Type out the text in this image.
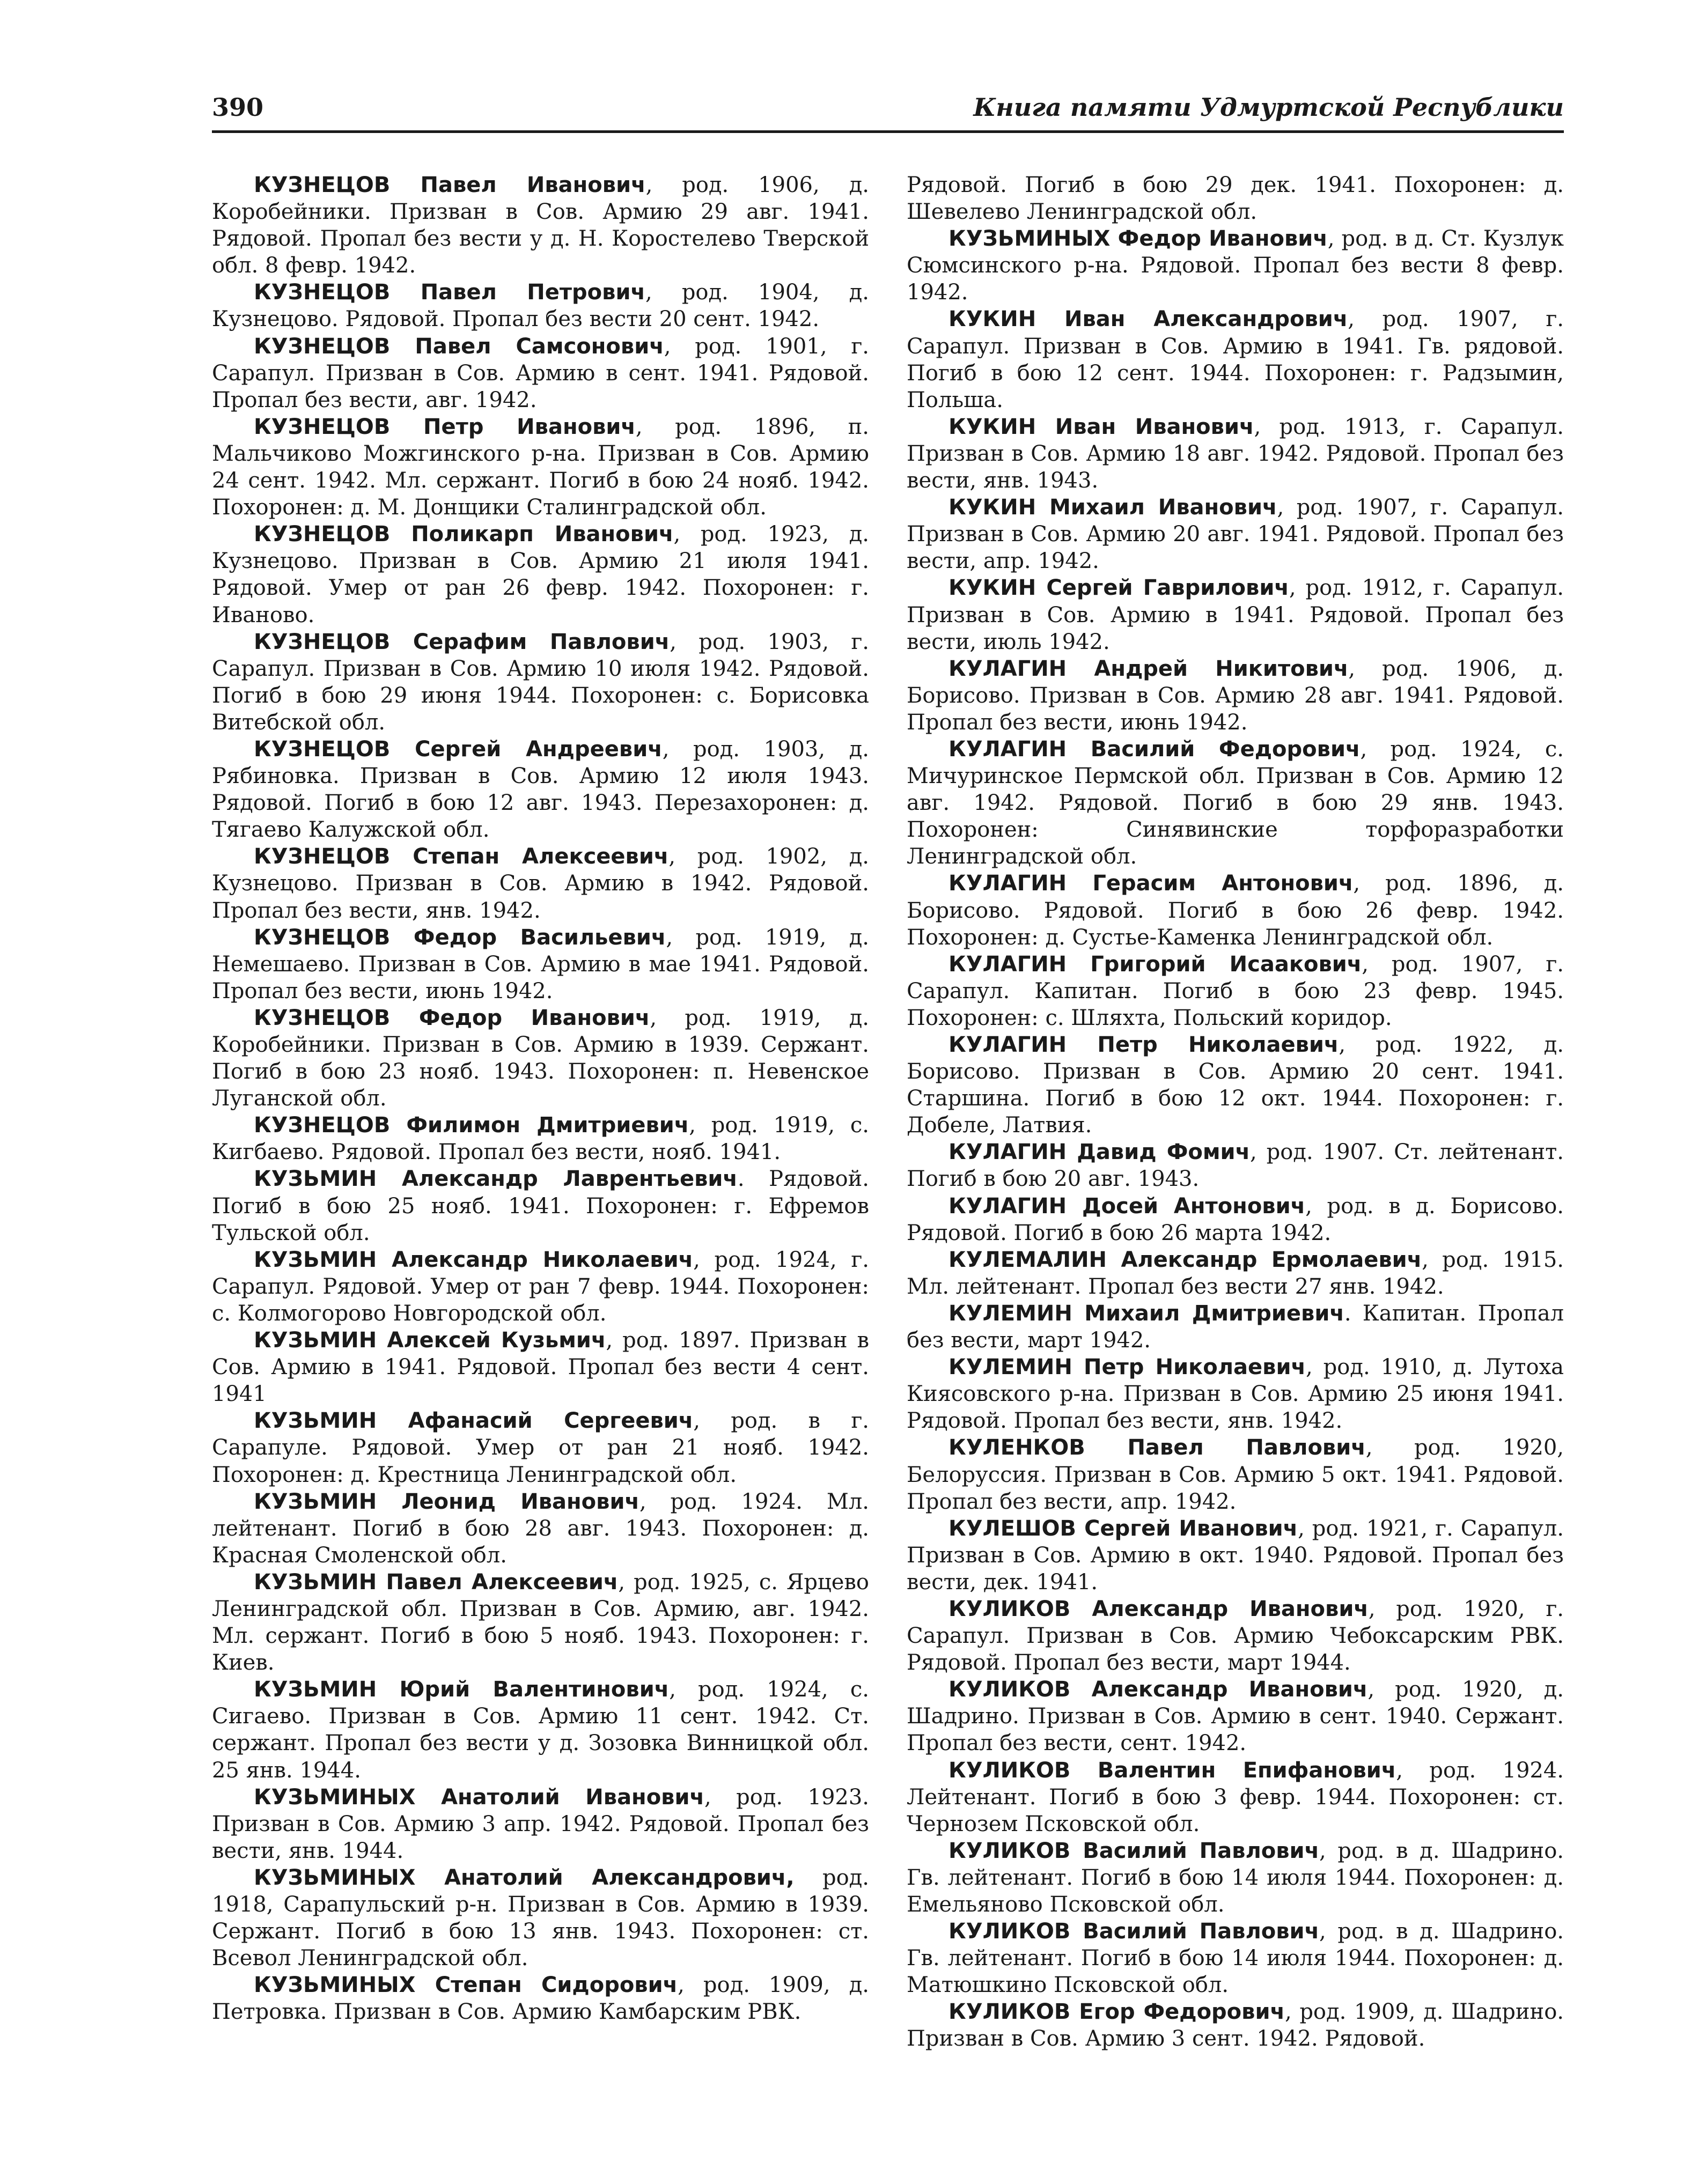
390	Книга памяти Удмуртской Республики

КУЗНЕЦОВ Павел Иванович, род. 1906, д. Коробейники. Призван в Сов. Армию 29 авг. 1941. Рядовой. Пропал без вести у д. Н. Коростелево Тверской обл. 8 февр. 1942.

КУЗНЕЦОВ Павел Петрович, род. 1904, д. Кузнецово. Рядовой. Пропал без вести 20 сент. 1942.

КУЗНЕЦОВ Павел Самсонович, род. 1901, г. Сарапул. Призван в Сов. Армию в сент. 1941. Рядовой. Пропал без вести, авг. 1942.

КУЗНЕЦОВ Петр Иванович, род. 1896, п. Мальчиково Можгинского р-на. Призван в Сов. Армию 24 сент. 1942. Мл. сержант. Погиб в бою 24 нояб. 1942. Похоронен: д. М. Донщики Сталинградской обл.

КУЗНЕЦОВ Поликарп Иванович, род. 1923, д. Кузнецово. Призван в Сов. Армию 21 июля 1941. Рядовой. Умер от ран 26 февр. 1942. Похоронен: г. Иваново.

КУЗНЕЦОВ Серафим Павлович, род. 1903, г. Сарапул. Призван в Сов. Армию 10 июля 1942. Рядовой. Погиб в бою 29 июня 1944. Похоронен: с. Борисовка Витебской обл.

КУЗНЕЦОВ Сергей Андреевич, род. 1903, д. Рябиновка. Призван в Сов. Армию 12 июля 1943. Рядовой. Погиб в бою 12 авг. 1943. Перезахоронен: д. Тягаево Калужской обл.

КУЗНЕЦОВ Степан Алексеевич, род. 1902, д. Кузнецово. Призван в Сов. Армию в 1942. Рядовой. Пропал без вести, янв. 1942.

КУЗНЕЦОВ Федор Васильевич, род. 1919, д. Немешаево. Призван в Сов. Армию в мае 1941. Рядовой. Пропал без вести, июнь 1942.

КУЗНЕЦОВ Федор Иванович, род. 1919, д. Коробейники. Призван в Сов. Армию в 1939. Сержант. Погиб в бою 23 нояб. 1943. Похоронен: п. Невенское Луганской обл.

КУЗНЕЦОВ Филимон Дмитриевич, род. 1919, с. Кигбаево. Рядовой. Пропал без вести, нояб. 1941.

КУЗЬМИН Александр Лаврентьевич. Рядовой. Погиб в бою 25 нояб. 1941. Похоронен: г. Ефремов Тульской обл.

КУЗЬМИН Александр Николаевич, род. 1924, г. Сарапул. Рядовой. Умер от ран 7 февр. 1944. Похоронен: с. Колмогорово Новгородской обл.

КУЗЬМИН Алексей Кузьмич, род. 1897. Призван в Сов. Армию в 1941. Рядовой. Пропал без вести 4 сент. 1941

КУЗЬМИН Афанасий Сергеевич, род. в г. Сарапуле. Рядовой. Умер от ран 21 нояб. 1942. Похоронен: д. Крестница Ленинградской обл.

КУЗЬМИН Леонид Иванович, род. 1924. Мл. лейтенант. Погиб в бою 28 авг. 1943. Похоронен: д. Красная Смоленской обл.

КУЗЬМИН Павел Алексеевич, род. 1925, с. Ярцево Ленинградской обл. Призван в Сов. Армию, авг. 1942. Мл. сержант. Погиб в бою 5 нояб. 1943. Похоронен: г. Киев.

КУЗЬМИН Юрий Валентинович, род. 1924, с. Сигаево. Призван в Сов. Армию 11 сент. 1942. Ст. сержант. Пропал без вести у д. Зозовка Винницкой обл. 25 янв. 1944.

КУЗЬМИНЫХ Анатолий Иванович, род. 1923. Призван в Сов. Армию 3 апр. 1942. Рядовой. Пропал без вести, янв. 1944.

КУЗЬМИНЫХ Анатолий Александрович, род. 1918, Сарапульский р-н. Призван в Сов. Армию в 1939. Сержант. Погиб в бою 13 янв. 1943. Похоронен: ст. Всевол Ленинградской обл.

КУЗЬМИНЫХ Степан Сидорович, род. 1909, д. Петровка. Призван в Сов. Армию Камбарским РВК.

Рядовой. Погиб в бою 29 дек. 1941. Похоронен: д. Шевелево Ленинградской обл.

КУЗЬМИНЫХ Федор Иванович, род. в д. Ст. Кузлук Сюмсинского р-на. Рядовой. Пропал без вести 8 февр. 1942.

КУКИН Иван Александрович, род. 1907, г. Сарапул. Призван в Сов. Армию в 1941. Гв. рядовой. Погиб в бою 12 сент. 1944. Похоронен: г. Радзымин, Польша.

КУКИН Иван Иванович, род. 1913, г. Сарапул. Призван в Сов. Армию 18 авг. 1942. Рядовой. Пропал без вести, янв. 1943.

КУКИН Михаил Иванович, род. 1907, г. Сарапул. Призван в Сов. Армию 20 авг. 1941. Рядовой. Пропал без вести, апр. 1942.

КУКИН Сергей Гаврилович, род. 1912, г. Сарапул. Призван в Сов. Армию в 1941. Рядовой. Пропал без вести, июль 1942.

КУЛАГИН Андрей Никитович, род. 1906, д. Борисово. Призван в Сов. Армию 28 авг. 1941. Рядовой. Пропал без вести, июнь 1942.

КУЛАГИН Василий Федорович, род. 1924, с. Мичуринское Пермской обл. Призван в Сов. Армию 12 авг. 1942. Рядовой. Погиб в бою 29 янв. 1943. Похоронен: Синявинские торфоразработки Ленинградской обл.

КУЛАГИН Герасим Антонович, род. 1896, д. Борисово. Рядовой. Погиб в бою 26 февр. 1942. Похоронен: д. Сустье-Каменка Ленинградской обл.

КУЛАГИН Григорий Исаакович, род. 1907, г. Сарапул. Капитан. Погиб в бою 23 февр. 1945. Похоронен: с. Шляхта, Польский коридор.

КУЛАГИН Петр Николаевич, род. 1922, д. Борисово. Призван в Сов. Армию 20 сент. 1941. Старшина. Погиб в бою 12 окт. 1944. Похоронен: г. Добеле, Латвия.

КУЛАГИН Давид Фомич, род. 1907. Ст. лейтенант. Погиб в бою 20 авг. 1943.

КУЛАГИН Досей Антонович, род. в д. Борисово. Рядовой. Погиб в бою 26 марта 1942.

КУЛЕМАЛИН Александр Ермолаевич, род. 1915. Мл. лейтенант. Пропал без вести 27 янв. 1942.

КУЛЕМИН Михаил Дмитриевич. Капитан. Пропал без вести, март 1942.

КУЛЕМИН Петр Николаевич, род. 1910, д. Лутоха Киясовского р-на. Призван в Сов. Армию 25 июня 1941. Рядовой. Пропал без вести, янв. 1942.

КУЛЕНКОВ Павел Павлович, род. 1920, Белоруссия. Призван в Сов. Армию 5 окт. 1941. Рядовой. Пропал без вести, апр. 1942.

КУЛЕШОВ Сергей Иванович, род. 1921, г. Сарапул. Призван в Сов. Армию в окт. 1940. Рядовой. Пропал без вести, дек. 1941.

КУЛИКОВ Александр Иванович, род. 1920, г. Сарапул. Призван в Сов. Армию Чебоксарским РВК. Рядовой. Пропал без вести, март 1944.

КУЛИКОВ Александр Иванович, род. 1920, д. Шадрино. Призван в Сов. Армию в сент. 1940. Сержант. Пропал без вести, сент. 1942.

КУЛИКОВ Валентин Епифанович, род. 1924. Лейтенант. Погиб в бою 3 февр. 1944. Похоронен: ст. Чернозем Псковской обл.

КУЛИКОВ Василий Павлович, род. в д. Шадрино. Гв. лейтенант. Погиб в бою 14 июля 1944. Похоронен: д. Емельяново Псковской обл.

КУЛИКОВ Василий Павлович, род. в д. Шадрино. Гв. лейтенант. Погиб в бою 14 июля 1944. Похоронен: д. Матюшкино Псковской обл.

КУЛИКОВ Егор Федорович, род. 1909, д. Шадрино. Призван в Сов. Армию 3 сент. 1942. Рядовой.
